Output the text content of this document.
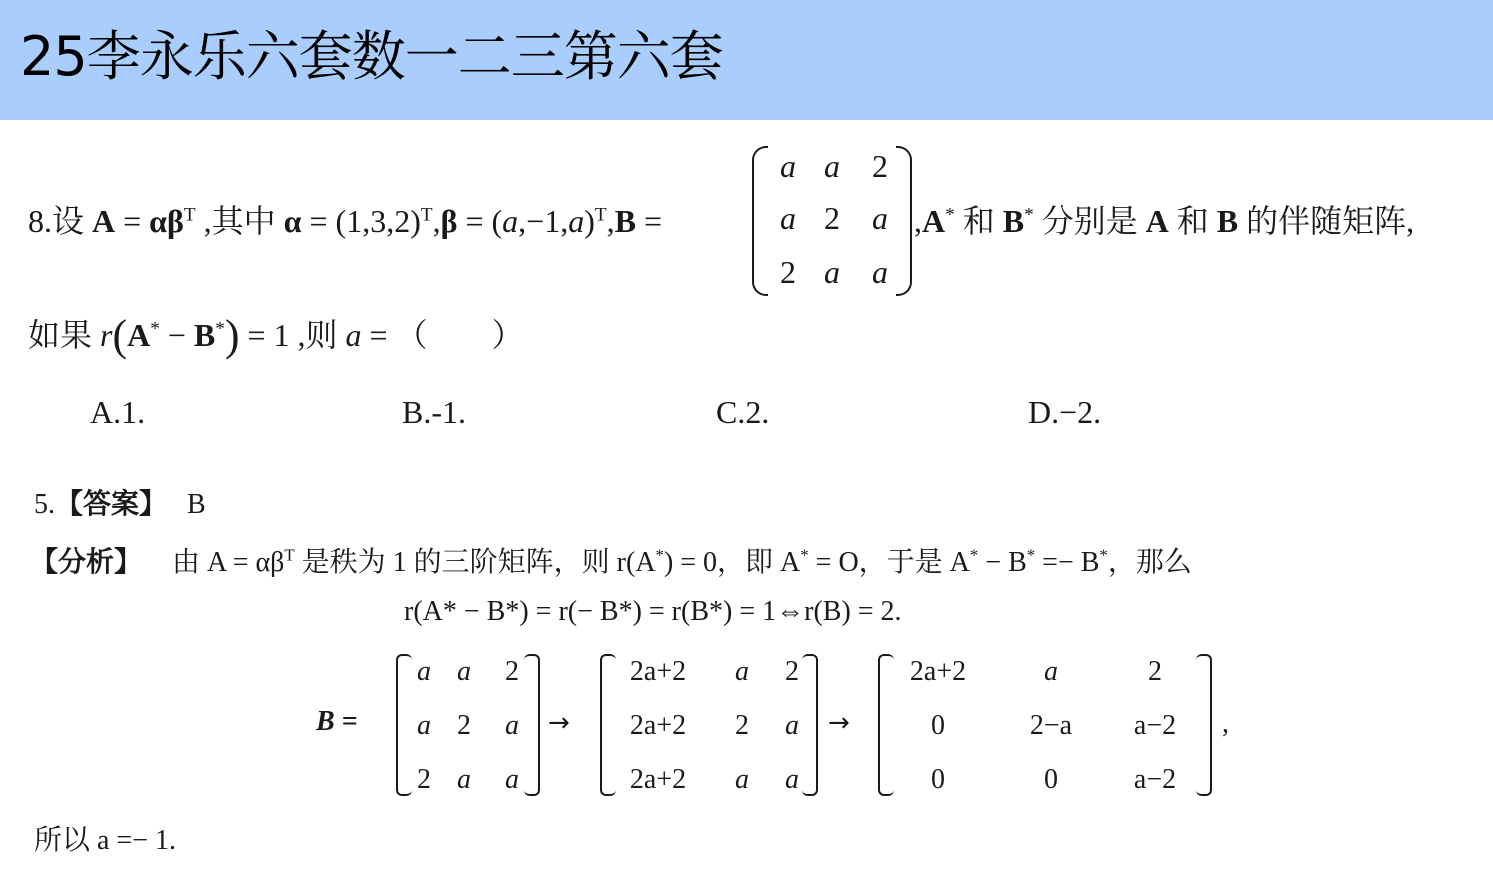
25李永乐六套数一二三第六套
8.设 $A = \alpha\beta^T$ ,其中 $\alpha = (1,3,2)^T,\beta = (a,-1,a)^T,B$ =
a a	2
a 2	a
2 a	a
,A* 和 B* 分别是 A 和 B 的伴随矩阵,
如果 r(A* − B*) = 1 ,则 a = （　　）
A.1.	B.-1.	C.2.	D.−2.
5.【答案】 B
【分析】 由 $A = \alpha\beta^T$ 是秩为 1 的三阶矩阵，则 r(A*) = 0，即 A* = O，于是 A* − B* =− B*，那么
r(A* − B*) = r(− B*) = r(B*) = 1⇔r(B) = 2.
B =
a a	2
a 2	a
2 a	a
→
2a+2	a	2
2a+2	2	a
2a+2	a	a
→
2a+2	a	2
0	2−a	a−2
0	0	a−2
,
所以 a =− 1.
